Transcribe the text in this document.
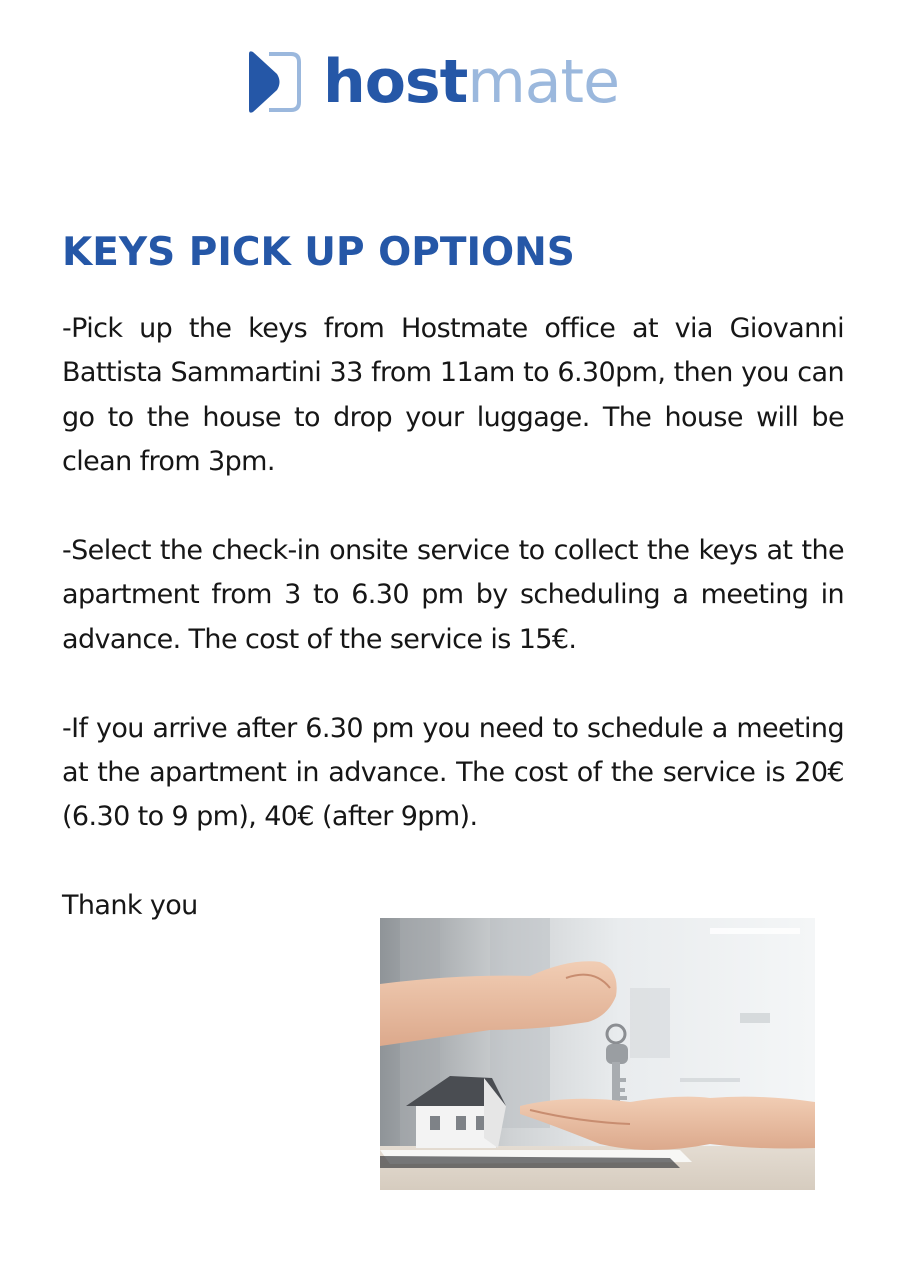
hostmate
KEYS PICK UP OPTIONS

-Pick up the keys from Hostmate office at via Giovanni Battista Sammartini 33 from 11am to 6.30pm, then you can go to the house to drop your luggage. The house will be clean from 3pm.

-Select the check-in onsite service to collect the keys at the apartment from 3 to 6.30 pm by scheduling a meeting in advance. The cost of the service is 15€.

-If you arrive after 6.30 pm you need to schedule a meeting at the apartment in advance. The cost of the service is 20€ (6.30 to 9 pm), 40€ (after 9pm).

Thank you
